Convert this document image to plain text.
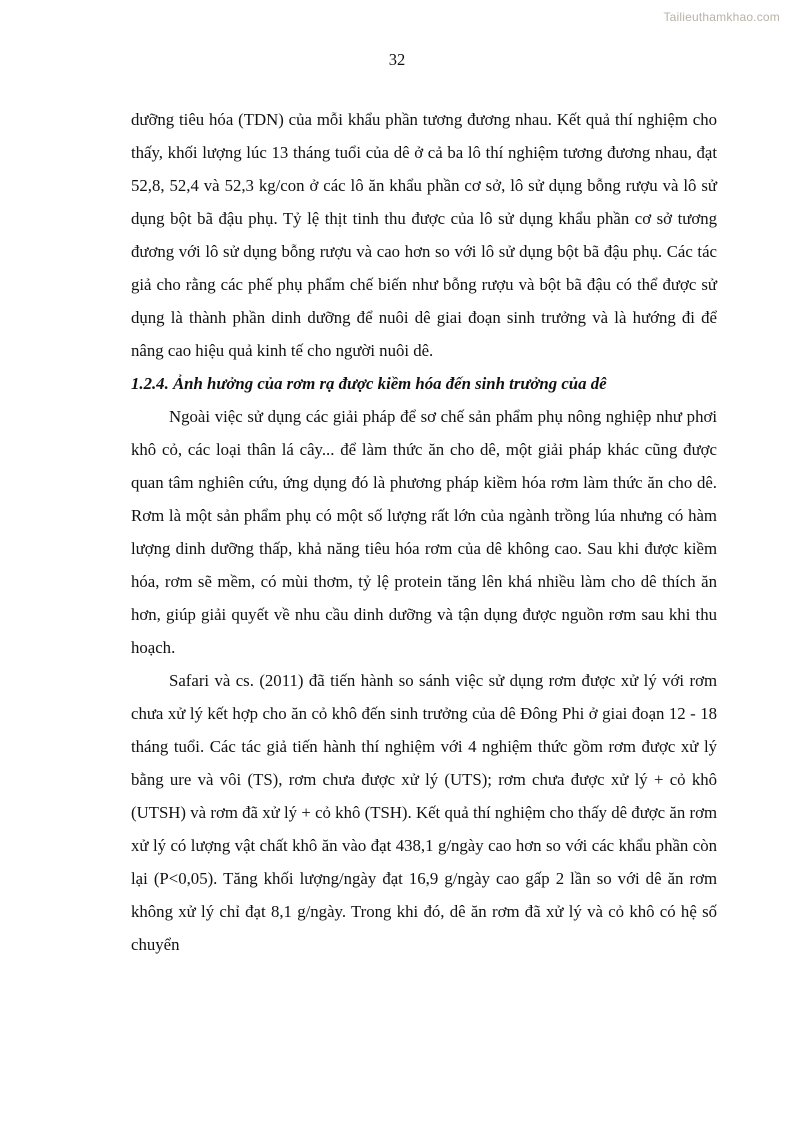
Tailieuthamkhao.com
32

dưỡng tiêu hóa (TDN) của mỗi khẩu phần tương đương nhau. Kết quả thí nghiệm cho thấy, khối lượng lúc 13 tháng tuổi của dê ở cả ba lô thí nghiệm tương đương nhau, đạt 52,8, 52,4 và 52,3 kg/con ở các lô ăn khẩu phần cơ sở, lô sử dụng bỗng rượu và lô sử dụng bột bã đậu phụ. Tỷ lệ thịt tinh thu được của lô sử dụng khẩu phần cơ sở tương đương với lô sử dụng bỗng rượu và cao hơn so với lô sử dụng bột bã đậu phụ. Các tác giả cho rằng các phế phụ phẩm chế biến như bỗng rượu và bột bã đậu có thể được sử dụng là thành phần dinh dưỡng để nuôi dê giai đoạn sinh trưởng và là hướng đi để nâng cao hiệu quả kinh tế cho người nuôi dê.

1.2.4. Ảnh hưởng của rơm rạ được kiềm hóa đến sinh trưởng của dê

Ngoài việc sử dụng các giải pháp để sơ chế sản phẩm phụ nông nghiệp như phơi khô cỏ, các loại thân lá cây... để làm thức ăn cho dê, một giải pháp khác cũng được quan tâm nghiên cứu, ứng dụng đó là phương pháp kiềm hóa rơm làm thức ăn cho dê. Rơm là một sản phẩm phụ có một số lượng rất lớn của ngành trồng lúa nhưng có hàm lượng dinh dưỡng thấp, khả năng tiêu hóa rơm của dê không cao. Sau khi được kiềm hóa, rơm sẽ mềm, có mùi thơm, tỷ lệ protein tăng lên khá nhiều làm cho dê thích ăn hơn, giúp giải quyết về nhu cầu dinh dưỡng và tận dụng được nguồn rơm sau khi thu hoạch.

Safari và cs. (2011) đã tiến hành so sánh việc sử dụng rơm được xử lý với rơm chưa xử lý kết hợp cho ăn cỏ khô đến sinh trưởng của dê Đông Phi ở giai đoạn 12 - 18 tháng tuổi. Các tác giả tiến hành thí nghiệm với 4 nghiệm thức gồm rơm được xử lý bằng ure và vôi (TS), rơm chưa được xử lý (UTS); rơm chưa được xử lý + cỏ khô (UTSH) và rơm đã xử lý + cỏ khô (TSH). Kết quả thí nghiệm cho thấy dê được ăn rơm xử lý có lượng vật chất khô ăn vào đạt 438,1 g/ngày cao hơn so với các khẩu phần còn lại (P<0,05). Tăng khối lượng/ngày đạt 16,9 g/ngày cao gấp 2 lần so với dê ăn rơm không xử lý chỉ đạt 8,1 g/ngày. Trong khi đó, dê ăn rơm đã xử lý và cỏ khô có hệ số chuyển
